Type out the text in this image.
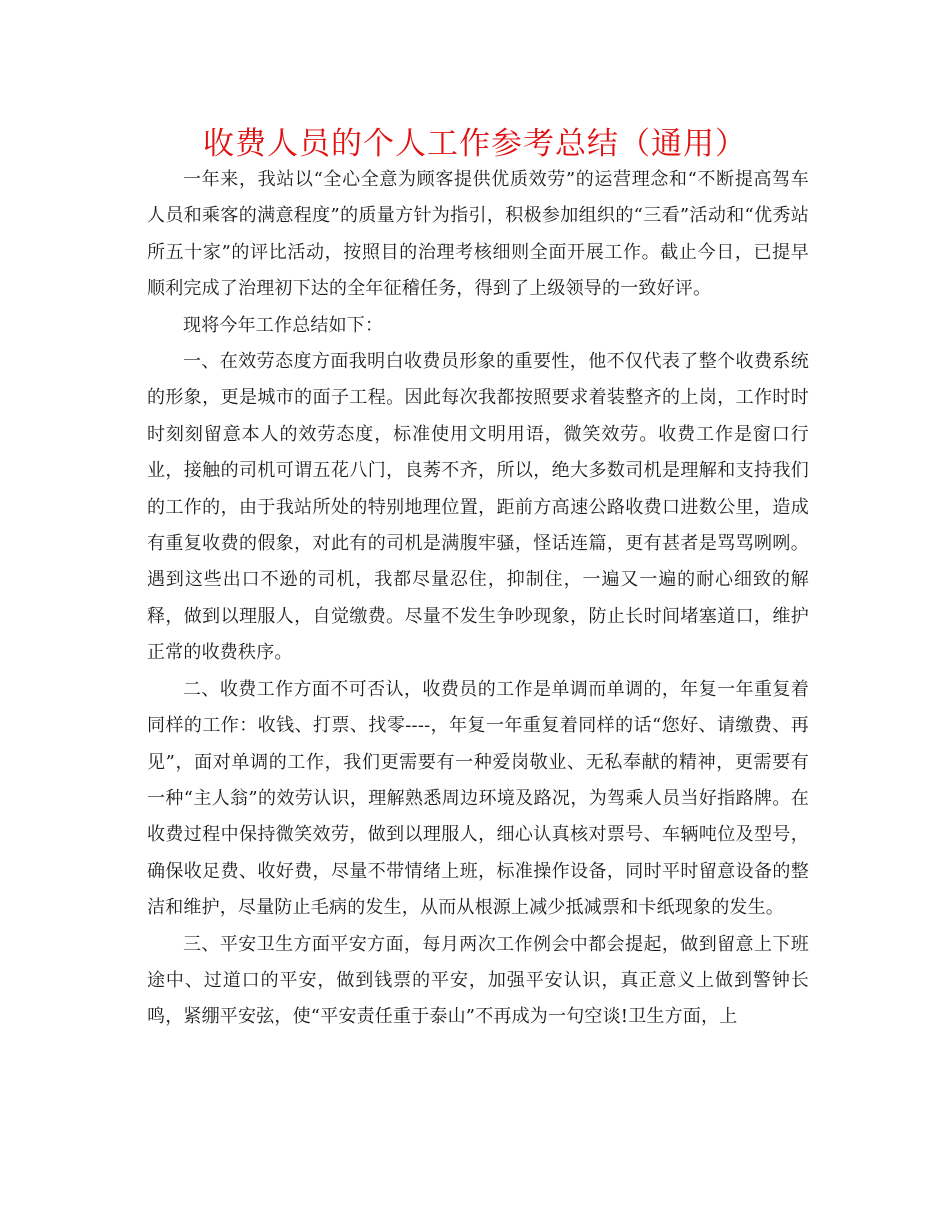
收费人员的个人工作参考总结（通用）

一年来，我站以“全心全意为顾客提供优质效劳”的运营理念和“不断提高驾车人员和乘客的满意程度”的质量方针为指引，积极参加组织的“三看”活动和“优秀站所五十家”的评比活动，按照目的治理考核细则全面开展工作。截止今日，已提早顺利完成了治理初下达的全年征稽任务，得到了上级领导的一致好评。

现将今年工作总结如下：

一、在效劳态度方面我明白收费员形象的重要性，他不仅代表了整个收费系统的形象，更是城市的面子工程。因此每次我都按照要求着装整齐的上岗，工作时时时刻刻留意本人的效劳态度，标准使用文明用语，微笑效劳。收费工作是窗口行业，接触的司机可谓五花八门，良莠不齐，所以，绝大多数司机是理解和支持我们的工作的，由于我站所处的特别地理位置，距前方高速公路收费口进数公里，造成有重复收费的假象，对此有的司机是满腹牢骚，怪话连篇，更有甚者是骂骂咧咧。遇到这些出口不逊的司机，我都尽量忍住，抑制住，一遍又一遍的耐心细致的解释，做到以理服人，自觉缴费。尽量不发生争吵现象，防止长时间堵塞道口，维护正常的收费秩序。

二、收费工作方面不可否认，收费员的工作是单调而单调的，年复一年重复着同样的工作：收钱、打票、找零----，年复一年重复着同样的话“您好、请缴费、再见”，面对单调的工作，我们更需要有一种爱岗敬业、无私奉献的精神，更需要有一种“主人翁”的效劳认识，理解熟悉周边环境及路况，为驾乘人员当好指路牌。在收费过程中保持微笑效劳，做到以理服人，细心认真核对票号、车辆吨位及型号，确保收足费、收好费，尽量不带情绪上班，标准操作设备，同时平时留意设备的整洁和维护，尽量防止毛病的发生，从而从根源上减少抵减票和卡纸现象的发生。

三、平安卫生方面平安方面，每月两次工作例会中都会提起，做到留意上下班途中、过道口的平安，做到钱票的平安，加强平安认识，真正意义上做到警钟长鸣，紧绷平安弦，使“平安责任重于泰山”不再成为一句空谈!卫生方面，上
